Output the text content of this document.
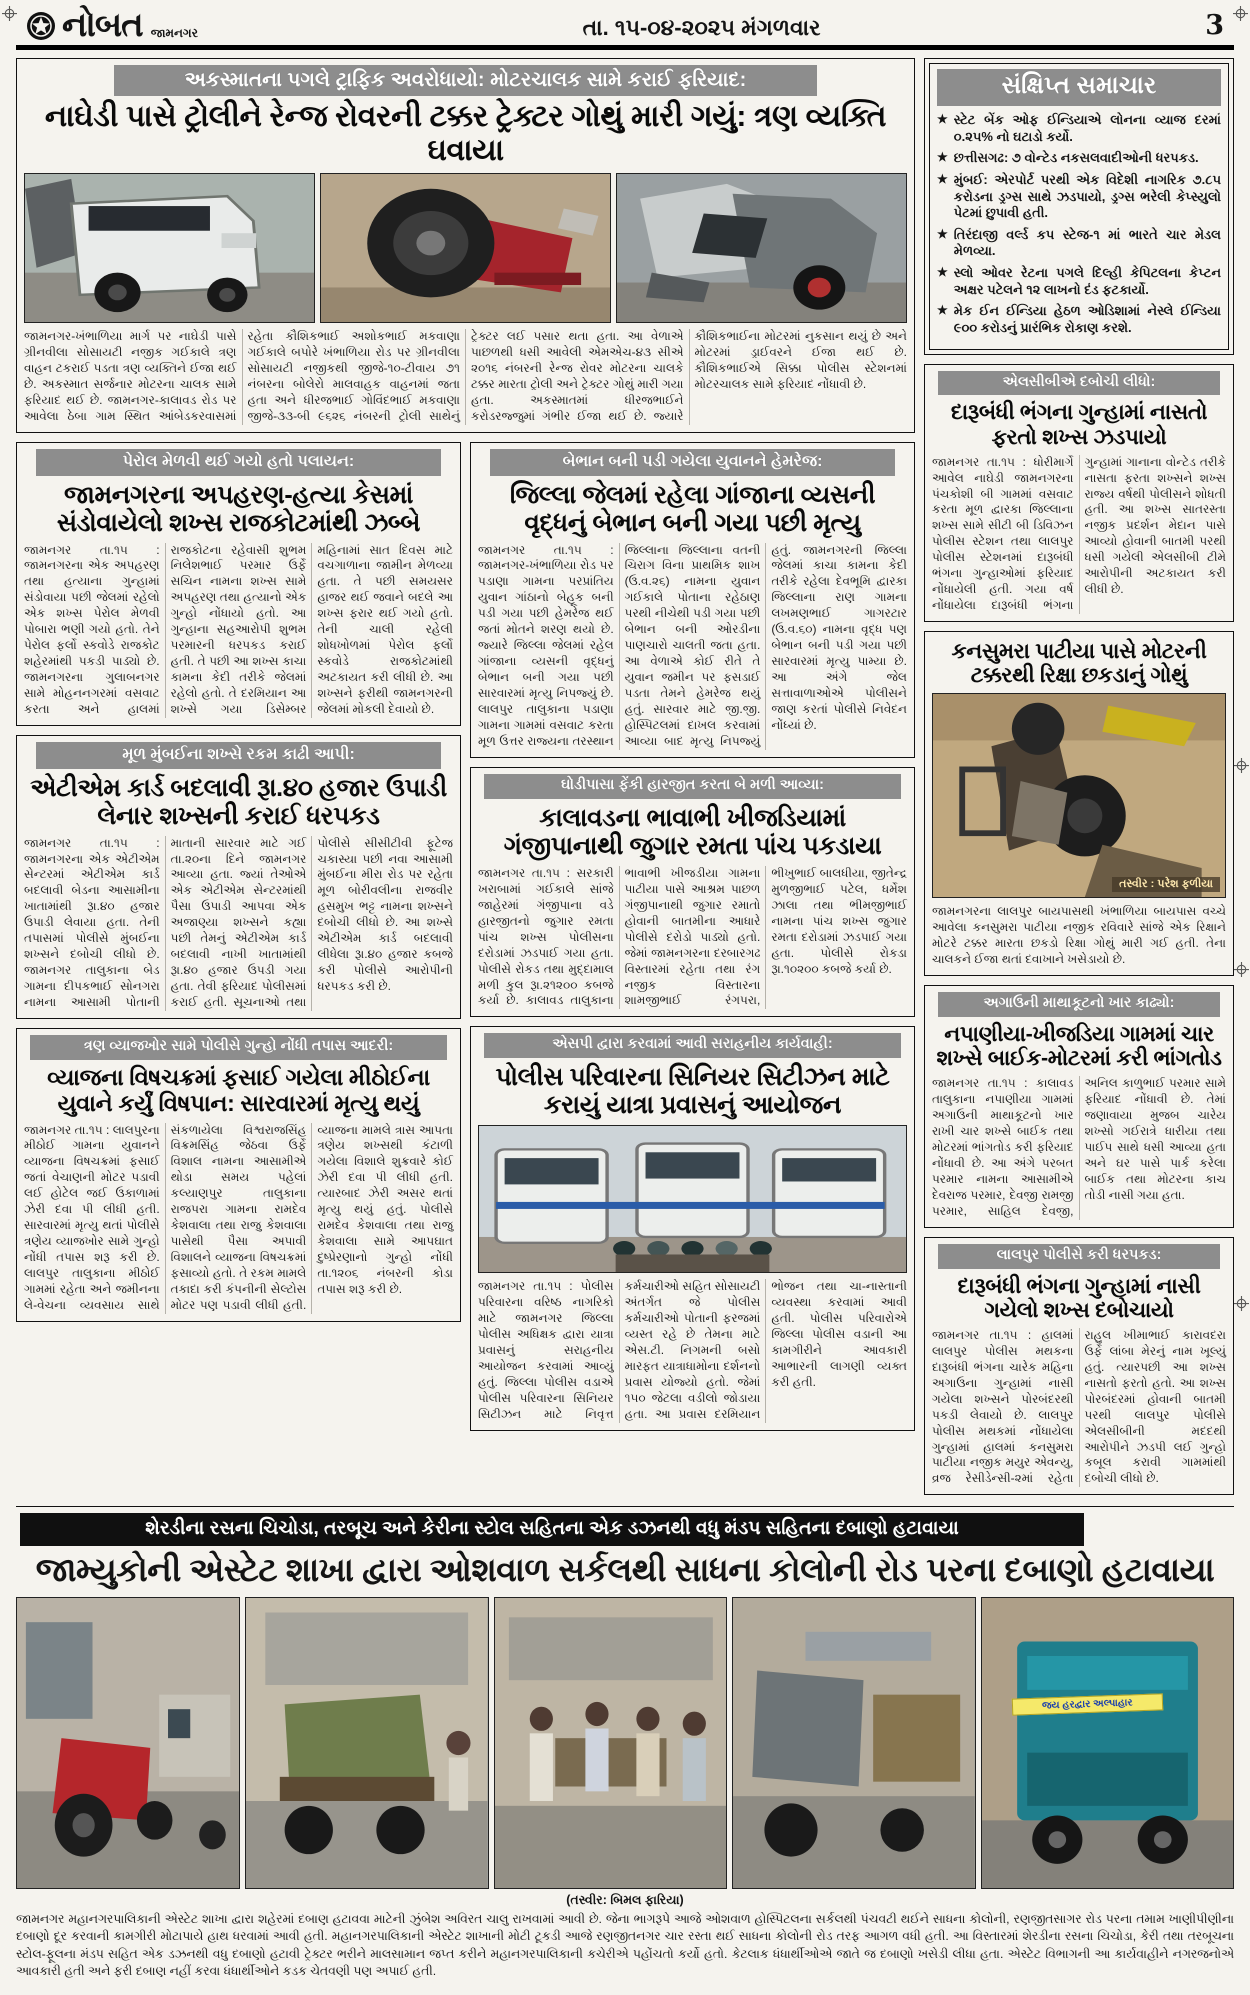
નોબત જામનગર	તા. ૧૫-૦૪-૨૦૨૫ મંગળવાર	3
અકસ્માતના પગલે ટ્રાફિક અવરોધાયો: મોટરચાલક સામે કરાઈ ફરિયાદ:
નાઘેડી પાસે ટ્રોલીને રેન્જ રોવરની ટક્કર ટ્રેક્ટર ગોથું મારી ગયું: ત્રણ વ્યક્તિ ઘવાયા

જામનગર-ખંભાળિયા માર્ગ પર નાઘેડી પાસે ગ્રીનવીલા સોસાયટી નજીક ગઈકાલે ત્રણ વાહન ટકરાઈ પડતા ત્રણ વ્યક્તિને ઈજા થઈ છે. અકસ્માત સર્જનાર મોટરના ચાલક સામે ફરિયાદ થઈ છે. જામનગર-કાલાવડ રોડ પર આવેલા ઠેબા ગામ સ્થિત આંબેડકરવાસમાં રહેતા કૌશિકભાઈ અશોકભાઈ મકવાણા ગઈકાલે બપોરે ખંભાળિયા રોડ પર ગ્રીનવીલા સોસાયટી નજીકથી જીજે-૧૦-ટીવાય ૭૧ નંબરના બોલેરો માલવાહક વાહનમાં જતા હતા અને ધીરજભાઈ ગોવિંદભાઈ મકવાણા જીજે-૩૩-બી ૯૬૨૬ નંબરની ટ્રોલી સાથેનું ટ્રેક્ટર લઈ પસાર થતા હતા. આ વેળાએ પાછળથી ધસી આવેલી એમએચ-૪૩ સીએ ૨૦૧૬ નંબરની રેન્જ રોવર મોટરના ચાલકે ટક્કર મારતા ટ્રોલી અને ટ્રેક્ટર ગોથું મારી ગયા હતા. અકસ્માતમાં ધીરજભાઈને કરોડરજ્જુમાં ગંભીર ઈજા થઈ છે. જ્યારે કૌશિકભાઈના મોટરમાં નુકસાન થયું છે અને મોટરમાં ડ્રાઈવરને ઈજા થઈ છે. કૌશિકભાઈએ સિક્કા પોલીસ સ્ટેશનમાં મોટરચાલક સામે ફરિયાદ નોંધાવી છે.

પેરોલ મેળવી થઈ ગયો હતો પલાયન:
જામનગરના અપહરણ-હત્યા કેસમાં સંડોવાયેલો શખ્સ રાજકોટમાંથી ઝબ્બે

જામનગર તા.૧૫ : જામનગરના એક અપહરણ તથા હત્યાના ગુન્હામાં સંડોવાયા પછી જેલમાં રહેલો એક શખ્સ પેરોલ મેળવી પોબારા ભણી ગયો હતો. તેને પેરોલ ફર્લો સ્કવોડે રાજકોટ શહેરમાંથી પકડી પાડ્યો છે. જામનગરના ગુલાબનગર સામે મોહનનગરમાં વસવાટ કરતા અને હાલમાં રાજકોટના રહેવાસી શુભમ નિલેશભાઈ પરમાર ઉર્ફે સચિન નામના શખ્સ સામે અપહરણ તથા હત્યાનો એક ગુન્હો નોંધાયો હતો. આ ગુન્હાના સહઆરોપી શુભમ પરમારની ધરપકડ કરાઈ હતી. તે પછી આ શખ્સ કાચા કામના કેદી તરીકે જેલમાં રહેલો હતો. તે દરમિયાન આ શખ્સે ગયા ડિસેમ્બર મહિનામાં સાત દિવસ માટે વચગાળાના જામીન મેળવ્યા હતા. તે પછી સમયસર હાજર થઈ જવાને બદલે આ શખ્સ ફરાર થઈ ગયો હતો. તેની ચાલી રહેલી શોધખોળમાં પેરોલ ફર્લો સ્કવોડે રાજકોટમાંથી અટકાયત કરી લીધી છે. આ શખ્સને ફરીથી જામનગરની જેલમાં મોકલી દેવાયો છે.

મૂળ મુંબઈના શખ્સે રકમ કાઢી આપી:
એટીએમ કાર્ડ બદલાવી રૂા.૪૦ હજાર ઉપાડી લેનાર શખ્સની કરાઈ ધરપકડ

જામનગર તા.૧૫ : જામનગરના એક એટીએમ સેન્ટરમાં એટીએમ કાર્ડ બદલાવી બેડના આસામીના ખાતામાંથી રૂા.૪૦ હજાર ઉપાડી લેવાયા હતા. તેની તપાસમાં પોલીસે મુંબઈના શખ્સને દબોચી લીધો છે. જામનગર તાલુકાના બેડ ગામના દીપકભાઈ સોનગરા નામના આસામી પોતાની માતાની સારવાર માટે ગઈ તા.૨૦ના દિને જામનગર આવ્યા હતા. જ્યાં તેઓએ એક એટીએમ સેન્ટરમાંથી પૈસા ઉપાડી આપવા એક અજાણ્યા શખ્સને કહ્યા પછી તેમનું એટીએમ કાર્ડ બદલાવી નાખી ખાતામાંથી રૂા.૪૦ હજાર ઉપડી ગયા હતા. તેવી ફરિયાદ પોલીસમાં કરાઈ હતી. સૂચનાઓ તથા પોલીસે સીસીટીવી ફૂટેજ ચકાસ્યા પછી નવા આસામી મુંબઈના મીરા રોડ પર રહેતા મૂળ બોરીવલીના રાજવીર હસમુખ ભટ્ટ નામના શખ્સને દબોચી લીધો છે. આ શખ્સે એટીએમ કાર્ડ બદલાવી લીધેલા રૂા.૪૦ હજાર કબજે કરી પોલીસે આરોપીની ધરપકડ કરી છે.

ત્રણ વ્યાજખોર સામે પોલીસે ગુન્હો નોંધી તપાસ આદરી:
વ્યાજના વિષચક્રમાં ફસાઈ ગયેલા મીઠોઈના યુવાને કર્યું વિષપાન: સારવારમાં મૃત્યુ થયું

જામનગર તા.૧૫ : લાલપુરના મીઠોઈ ગામના યુવાનને વ્યાજના વિષચક્રમાં ફસાઈ જતાં વેચાણની મોટર પડાવી લઈ હોટેલ જઈ ઉકાળામાં ઝેરી દવા પી લીધી હતી. સારવારમાં મૃત્યુ થતાં પોલીસે ત્રણેય વ્યાજખોર સામે ગુન્હો નોંધી તપાસ શરૂ કરી છે. લાલપુર તાલુકાના મીઠોઈ ગામમાં રહેતા અને જમીનના લે-વેચના વ્યવસાય સાથે સંકળાયેલા વિશ્વરાજસિંહ વિક્રમસિંહ જેઠવા ઉર્ફે વિશાલ નામના આસામીએ થોડા સમય પહેલાં કલ્યાણપુર તાલુકાના રાજપરા ગામના રામદેવ કેશવાલા તથા રાજુ કેશવાલા પાસેથી પૈસા અપાવી વિશાલને વ્યાજના વિષચક્રમાં ફસાવ્યો હતો. તે રકમ મામલે તકાદા કરી કંપનીની સેલ્ટોસ મોટર પણ પડાવી લીધી હતી. વ્યાજના મામલે ત્રાસ આપતા ત્રણેય શખ્સથી કંટાળી ગયેલા વિશાલે શુક્રવારે કોઈ ઝેરી દવા પી લીધી હતી. ત્યારબાદ ઝેરી અસર થતાં મૃત્યુ થયું હતું. પોલીસે રામદેવ કેશવાલા તથા રાજુ કેશવાલા સામે આપઘાત દુષ્પ્રેરણાનો ગુન્હો નોંધી તા.૧૨૦૬ નંબરની કોડા તપાસ શરૂ કરી છે.

બેભાન બની પડી ગયેલા યુવાનને હેમરેજ:
જિલ્લા જેલમાં રહેલા ગાંજાના વ્યસની વૃદ્ધનું બેભાન બની ગયા પછી મૃત્યુ

જામનગર તા.૧૫ : જામનગર-ખંભાળિયા રોડ પર પડાણા ગામના પરપ્રાંતિય યુવાન ગાંઠાનો બેહૂક બની પડી ગયા પછી હેમરેજ થઈ જતાં મોતને શરણ થયો છે. જ્યારે જિલ્લા જેલમાં રહેલ ગાંજાના વ્યસની વૃદ્ધનું બેભાન બની ગયા પછી સારવારમાં મૃત્યુ નિપજ્યું છે. લાલપુર તાલુકાના પડાણા ગામના ગામમાં વસવાટ કરતા મૂળ ઉત્તર રાજ્યના તરસ્થાન જિલ્લાના જિલ્લાના વતની ચિરાગ વિના પ્રાથમિક શાખ (ઉ.વ.૨૬) નામના યુવાન ગઈકાલે પોતાના રહેઠાણ પરથી નીચેથી પડી ગયા પછી બેભાન બની ઓરડીના પાણચારો ચાલતી જતા હતા. આ વેળાએ કોઈ રીતે તે યુવાન જમીન પર ફસડાઈ પડતા તેમને હેમરેજ થયું હતું. સારવાર માટે જી.જી. હોસ્પિટલમાં દાખલ કરવામાં આવ્યા બાદ મૃત્યુ નિપજ્યું હતું. જામનગરની જિલ્લા જેલમાં કાચા કામના કેદી તરીકે રહેલા દેવભૂમિ દ્વારકા જિલ્લાના રાણ ગામના લખમણભાઈ ગાગરટાર (ઉ.વ.૬૦) નામના વૃદ્ધ પણ બેભાન બની પડી ગયા પછી સારવારમાં મૃત્યુ પામ્યા છે. આ અંગે જેલ સત્તાવાળાઓએ પોલીસને જાણ કરતાં પોલીસે નિવેદન નોંધ્યાં છે.

ઘોડીપાસા ફેંકી હારજીત કરતા બે મળી આવ્યા:
કાલાવડના ભાવાભી ખીજડિયામાં ગંજીપાનાથી જુગાર રમતા પાંચ પકડાયા

જામનગર તા.૧૫ : સરકારી ખરાબામાં ગઈકાલે સાંજે જાહેરમાં ગંજીપાના વડે હારજીતનો જુગાર રમતા પાંચ શખ્સ પોલીસના દરોડામાં ઝડપાઈ ગયા હતા. પોલીસે રોકડ તથા મુદ્દામાલ મળી કુલ રૂા.૨૧૨૦૦ કબજે કર્યા છે. કાલાવડ તાલુકાના ભાવાભી ખીજડીયા ગામના પાટીયા પાસે આશ્રમ પાછળ ગંજીપાનાથી જુગાર રમાતો હોવાની બાતમીના આધારે પોલીસે દરોડો પાડ્યો હતો. જેમાં જામનગરના દરબારગઢ વિસ્તારમાં રહેતા તથા રંગ નજીક વિસ્તારના શામજીભાઈ રંગપરા, ભીખુભાઈ બાલધીયા, જીતેન્દ્ર મુળજીભાઈ પટેલ, ધર્મેશ ઝાલા તથા ભીમજીભાઈ નામના પાંચ શખ્સ જુગાર રમતા દરોડામાં ઝડપાઈ ગયા હતા. પોલીસે રોકડા રૂા.૧૦૨૦૦ કબજે કર્યા છે.

એસપી દ્વારા કરવામાં આવી સરાહનીય કાર્યવાહી:
પોલીસ પરિવારના સિનિયર સિટીઝન માટે કરાયું યાત્રા પ્રવાસનું આયોજન

જામનગર તા.૧૫ : પોલીસ પરિવારના વરિષ્ઠ નાગરિકો માટે જામનગર જિલ્લા પોલીસ અધિક્ષક દ્વારા યાત્રા પ્રવાસનું સરાહનીય આયોજન કરવામાં આવ્યું હતું. જિલ્લા પોલીસ વડાએ પોલીસ પરિવારના સિનિયર સિટીઝન માટે નિવૃત્ત કર્મચારીઓ સહિત સોસાયટી અંતર્ગત જે પોલીસ કર્મચારીઓ પોતાની ફરજમાં વ્યસ્ત રહે છે તેમના માટે એસ.ટી. નિગમની બસો મારફત યાત્રાધામોના દર્શનનો પ્રવાસ યોજ્યો હતો. જેમાં ૧૫૦ જેટલા વડીલો જોડાયા હતા. આ પ્રવાસ દરમિયાન ભોજન તથા ચા-નાસ્તાની વ્યવસ્થા કરવામાં આવી હતી. પોલીસ પરિવારોએ જિલ્લા પોલીસ વડાની આ કામગીરીને આવકારી આભારની લાગણી વ્યક્ત કરી હતી.

સંક્ષિપ્ત સમાચાર
★ સ્ટેટ બેંક ઓફ ઈન્ડિયાએ લોનના વ્યાજ દરમાં ૦.૨૫% નો ઘટાડો કર્યો.
★ છત્તીસગઢ: ૭ વોન્ટેડ નકસલવાદીઓની ધરપકડ.
★ મુંબઈ: એરપોર્ટ પરથી એક વિદેશી નાગરિક ૭.૮૫ કરોડના ડ્રગ્સ સાથે ઝડપાયો, ડ્રગ્સ ભરેલી કેપ્સ્યુલો પેટમાં છુપાવી હતી.
★ તિરંદાજી વર્લ્ડ કપ સ્ટેજ-૧ માં ભારતે ચાર મેડલ મેળવ્યા.
★ સ્લો ઓવર રેટના પગલે દિલ્હી કેપિટલના કેપ્ટન અક્ષર પટેલને ૧૨ લાખનો દંડ ફટકાર્યો.
★ મેક ઈન ઈન્ડિયા હેઠળ ઓડિશામાં નેસ્લે ઈન્ડિયા ૯૦૦ કરોડનું પ્રારંભિક રોકાણ કરશે.
એલસીબીએ દબોચી લીધો:
દારૂબંધી ભંગના ગુન્હામાં નાસતો ફરતો શખ્સ ઝડપાયો

જામનગર તા.૧૫ : ધોરીમાર્ગે આવેલ નાઘેડી જામનગરના પંચકોશી બી ગામમાં વસવાટ કરતા મૂળ દ્વારકા જિલ્લાના શખ્સ સામે સીટી બી ડિવિઝન પોલીસ સ્ટેશન તથા લાલપુર પોલીસ સ્ટેશનમાં દારૂબંધી ભંગના ગુન્હાઓમાં ફરિયાદ નોંધાયેલી હતી. ગયા વર્ષ નોંધાયેલા દારૂબંધી ભંગના ગુન્હામાં ગાનાના વોન્ટેડ તરીકે નાસતા ફરતા શખ્સને શખ્સ રાજ્ય વર્ષથી પોલીસને શોધતી હતી. આ શખ્સ સાતરસ્તા નજીક પ્રદર્શન મેદાન પાસે આવ્યો હોવાની બાતમી પરથી ધસી ગયેલી એલસીબી ટીમે આરોપીની અટકાયત કરી લીધી છે.

કનસુમરા પાટીયા પાસે મોટરની ટક્કરથી રિક્ષા છકડાનું ગોથું
તસ્વીર : પરેશ ફળીયા

જામનગરના લાલપુર બાયપાસથી ખંભાળિયા બાયપાસ વચ્ચે આવેલા કનસુમરા પાટીયા નજીક રવિવારે સાંજે એક રિક્ષાને મોટરે ટક્કર મારતા છકડો રિક્ષા ગોથું મારી ગઈ હતી. તેના ચાલકને ઈજા થતાં દવાખાને ખસેડાયો છે.

અગાઉની માથાકૂટનો ખાર કાઢ્યો:
નપાણીયા-ખીજડિયા ગામમાં ચાર શખ્સે બાઈક-મોટરમાં કરી ભાંગતોડ

જામનગર તા.૧૫ : કાલાવડ તાલુકાના નપાણીયા ગામમાં અગાઉની માથાકૂટનો ખાર રાખી ચાર શખ્સે બાઈક તથા મોટરમાં ભાંગતોડ કરી ફરિયાદ નોંધાવી છે. આ અંગે પરબત પરમાર નામના આસામીએ દેવરાજ પરમાર, દેવજી રામજી પરમાર, સાહિલ દેવજી, અનિલ કાળુભાઈ પરમાર સામે ફરિયાદ નોંધાવી છે. તેમાં જણાવાયા મુજબ ચારેય શખ્સો ગઈરાત્રે ધારીયા તથા પાઈપ સાથે ધસી આવ્યા હતા અને ઘર પાસે પાર્ક કરેલા બાઈક તથા મોટરના કાચ તોડી નાસી ગયા હતા.

લાલપુર પોલીસે કરી ધરપકડ:
દારૂબંધી ભંગના ગુન્હામાં નાસી ગયેલો શખ્સ દબોચાયો

જામનગર તા.૧૫ : હાલમાં લાલપુર પોલીસ મથકના દારૂબંધી ભંગના ચારેક મહિના અગાઉના ગુન્હામાં નાસી ગયેલા શખ્સને પોરબંદરથી પકડી લેવાયો છે. લાલપુર પોલીસ મથકમાં નોંધાયેલા ગુન્હામાં હાલમાં કનસુમરા પાટીયા નજીક મયુર એવન્યુ, વ્રજ રેસીડેન્સી-૨માં રહેતા રાહુલ ખીમાભાઈ કારાવદરા ઉર્ફે લાંબા મેરનું નામ ખૂલ્યું હતું. ત્યારપછી આ શખ્સ નાસતો ફરતો હતો. આ શખ્સ પોરબંદરમાં હોવાની બાતમી પરથી લાલપુર પોલીસે એલસીબીની મદદથી આરોપીને ઝડપી લઈ ગુન્હો કબૂલ કરાવી ગામમાંથી દબોચી લીધો છે.

શેરડીના રસના ચિચોડા, તરબૂચ અને કેરીના સ્ટોલ સહિતના એક ડઝનથી વધુ મંડપ સહિતના દબાણો હટાવાયા
જામ્યુકોની એસ્ટેટ શાખા દ્વારા ઓશવાળ સર્કલથી સાધના કોલોની રોડ પરના દબાણો હટાવાયા
જય હરદ્વાર અલ્પાહાર
(તસ્વીર: બિમલ ફારિયા)

જામનગર મહાનગરપાલિકાની એસ્ટેટ શાખા દ્વારા શહેરમાં દબાણ હટાવવા માટેની ઝુંબેશ અવિરત ચાલુ રાખવામાં આવી છે. જેના ભાગરૂપે આજે ઓશવાળ હોસ્પિટલના સર્કલથી પંચવટી થઈને સાધના કોલોની, રણજીતસાગર રોડ પરના તમામ ખાણીપીણીના દબાણો દૂર કરવાની કામગીરી મોટાપાયે હાથ ધરવામાં આવી હતી. મહાનગરપાલિકાની એસ્ટેટ શાખાની મોટી ટૂકડી આજે રણજીતનગર ચાર રસ્તા થઈ સાધના કોલોની રોડ તરફ આગળ વધી હતી. આ વિસ્તારમાં શેરડીના રસના ચિચોડા, કેરી તથા તરબૂચના સ્ટોલ-ફૂલના મંડપ સહિત એક ડઝનથી વધુ દબાણો હટાવી ટ્રેક્ટર ભરીને માલસામાન જપ્ત કરીને મહાનગરપાલિકાની કચેરીએ પહોંચતો કર્યો હતો. કેટલાક ધંધાર્થીઓએ જાતે જ દબાણો ખસેડી લીધા હતા. એસ્ટેટ વિભાગની આ કાર્યવાહીને નગરજનોએ આવકારી હતી અને ફરી દબાણ નહીં કરવા ધંધાર્થીઓને કડક ચેતવણી પણ અપાઈ હતી.
